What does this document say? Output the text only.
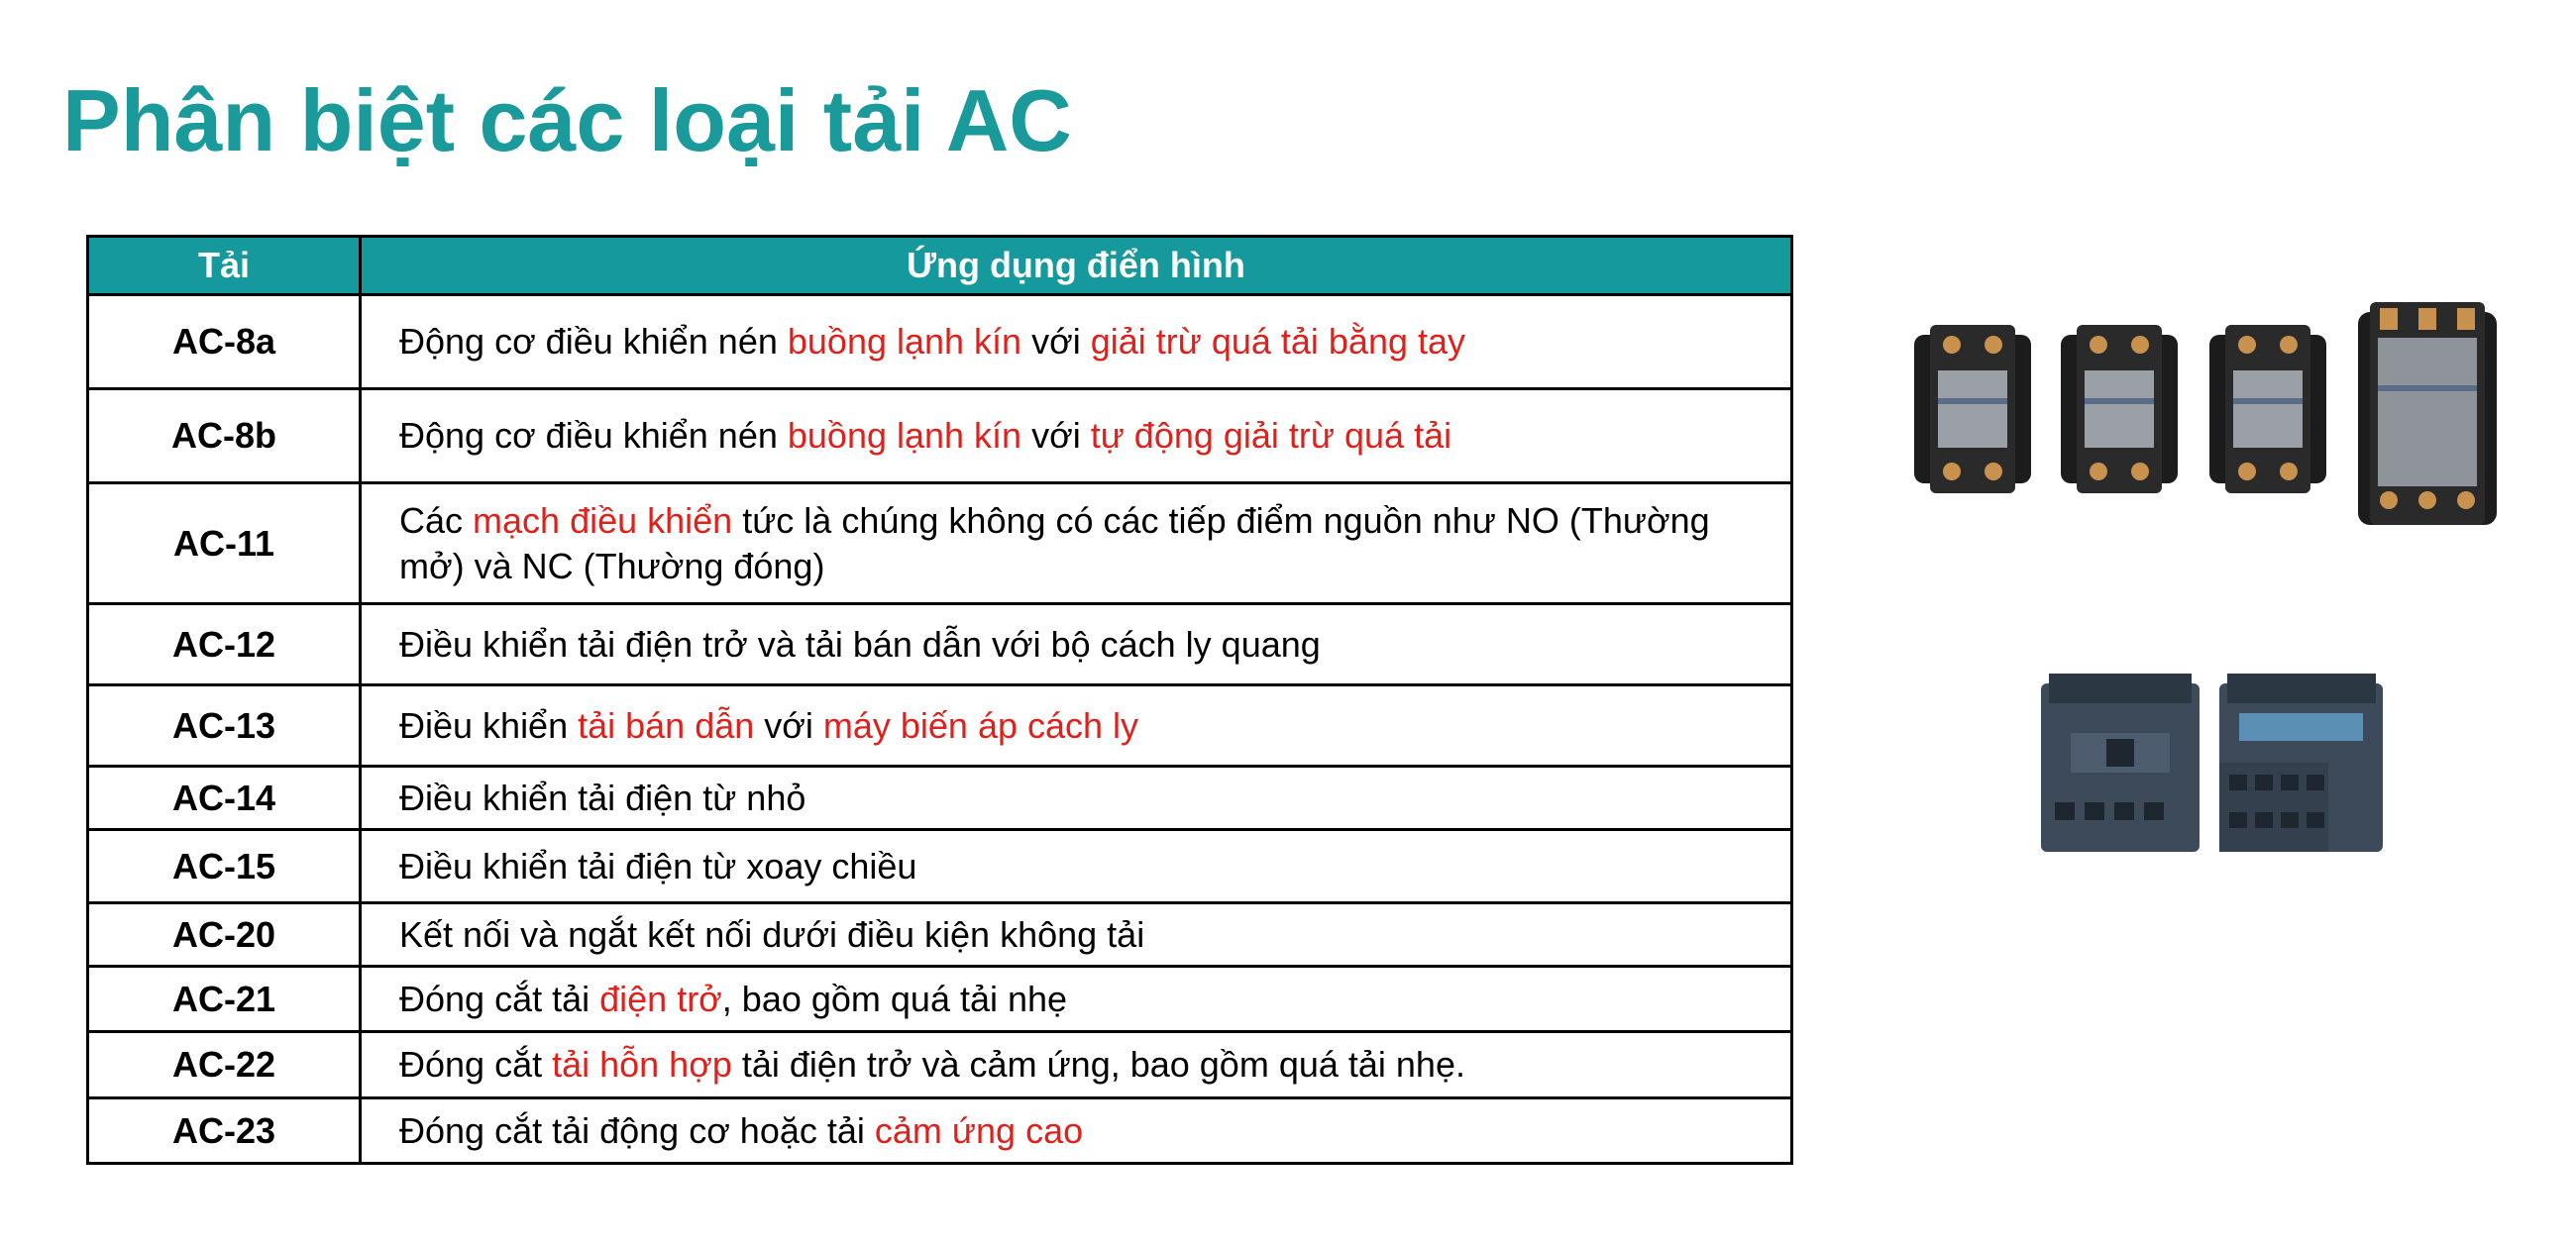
Phân biệt các loại tải AC
Tải	Ứng dụng điển hình
AC-8a	Động cơ điều khiển nén buồng lạnh kín với giải trừ quá tải bằng tay
AC-8b	Động cơ điều khiển nén buồng lạnh kín với tự động giải trừ quá tải
AC-11	Các mạch điều khiển tức là chúng không có các tiếp điểm nguồn như NO (Thường mở) và NC (Thường đóng)
AC-12	Điều khiển tải điện trở và tải bán dẫn với bộ cách ly quang
AC-13	Điều khiển tải bán dẫn với máy biến áp cách ly
AC-14	Điều khiển tải điện từ nhỏ
AC-15	Điều khiển tải điện từ xoay chiều
AC-20	Kết nối và ngắt kết nối dưới điều kiện không tải
AC-21	Đóng cắt tải điện trở, bao gồm quá tải nhẹ
AC-22	Đóng cắt tải hỗn hợp tải điện trở và cảm ứng, bao gồm quá tải nhẹ.
AC-23	Đóng cắt tải động cơ hoặc tải cảm ứng cao
